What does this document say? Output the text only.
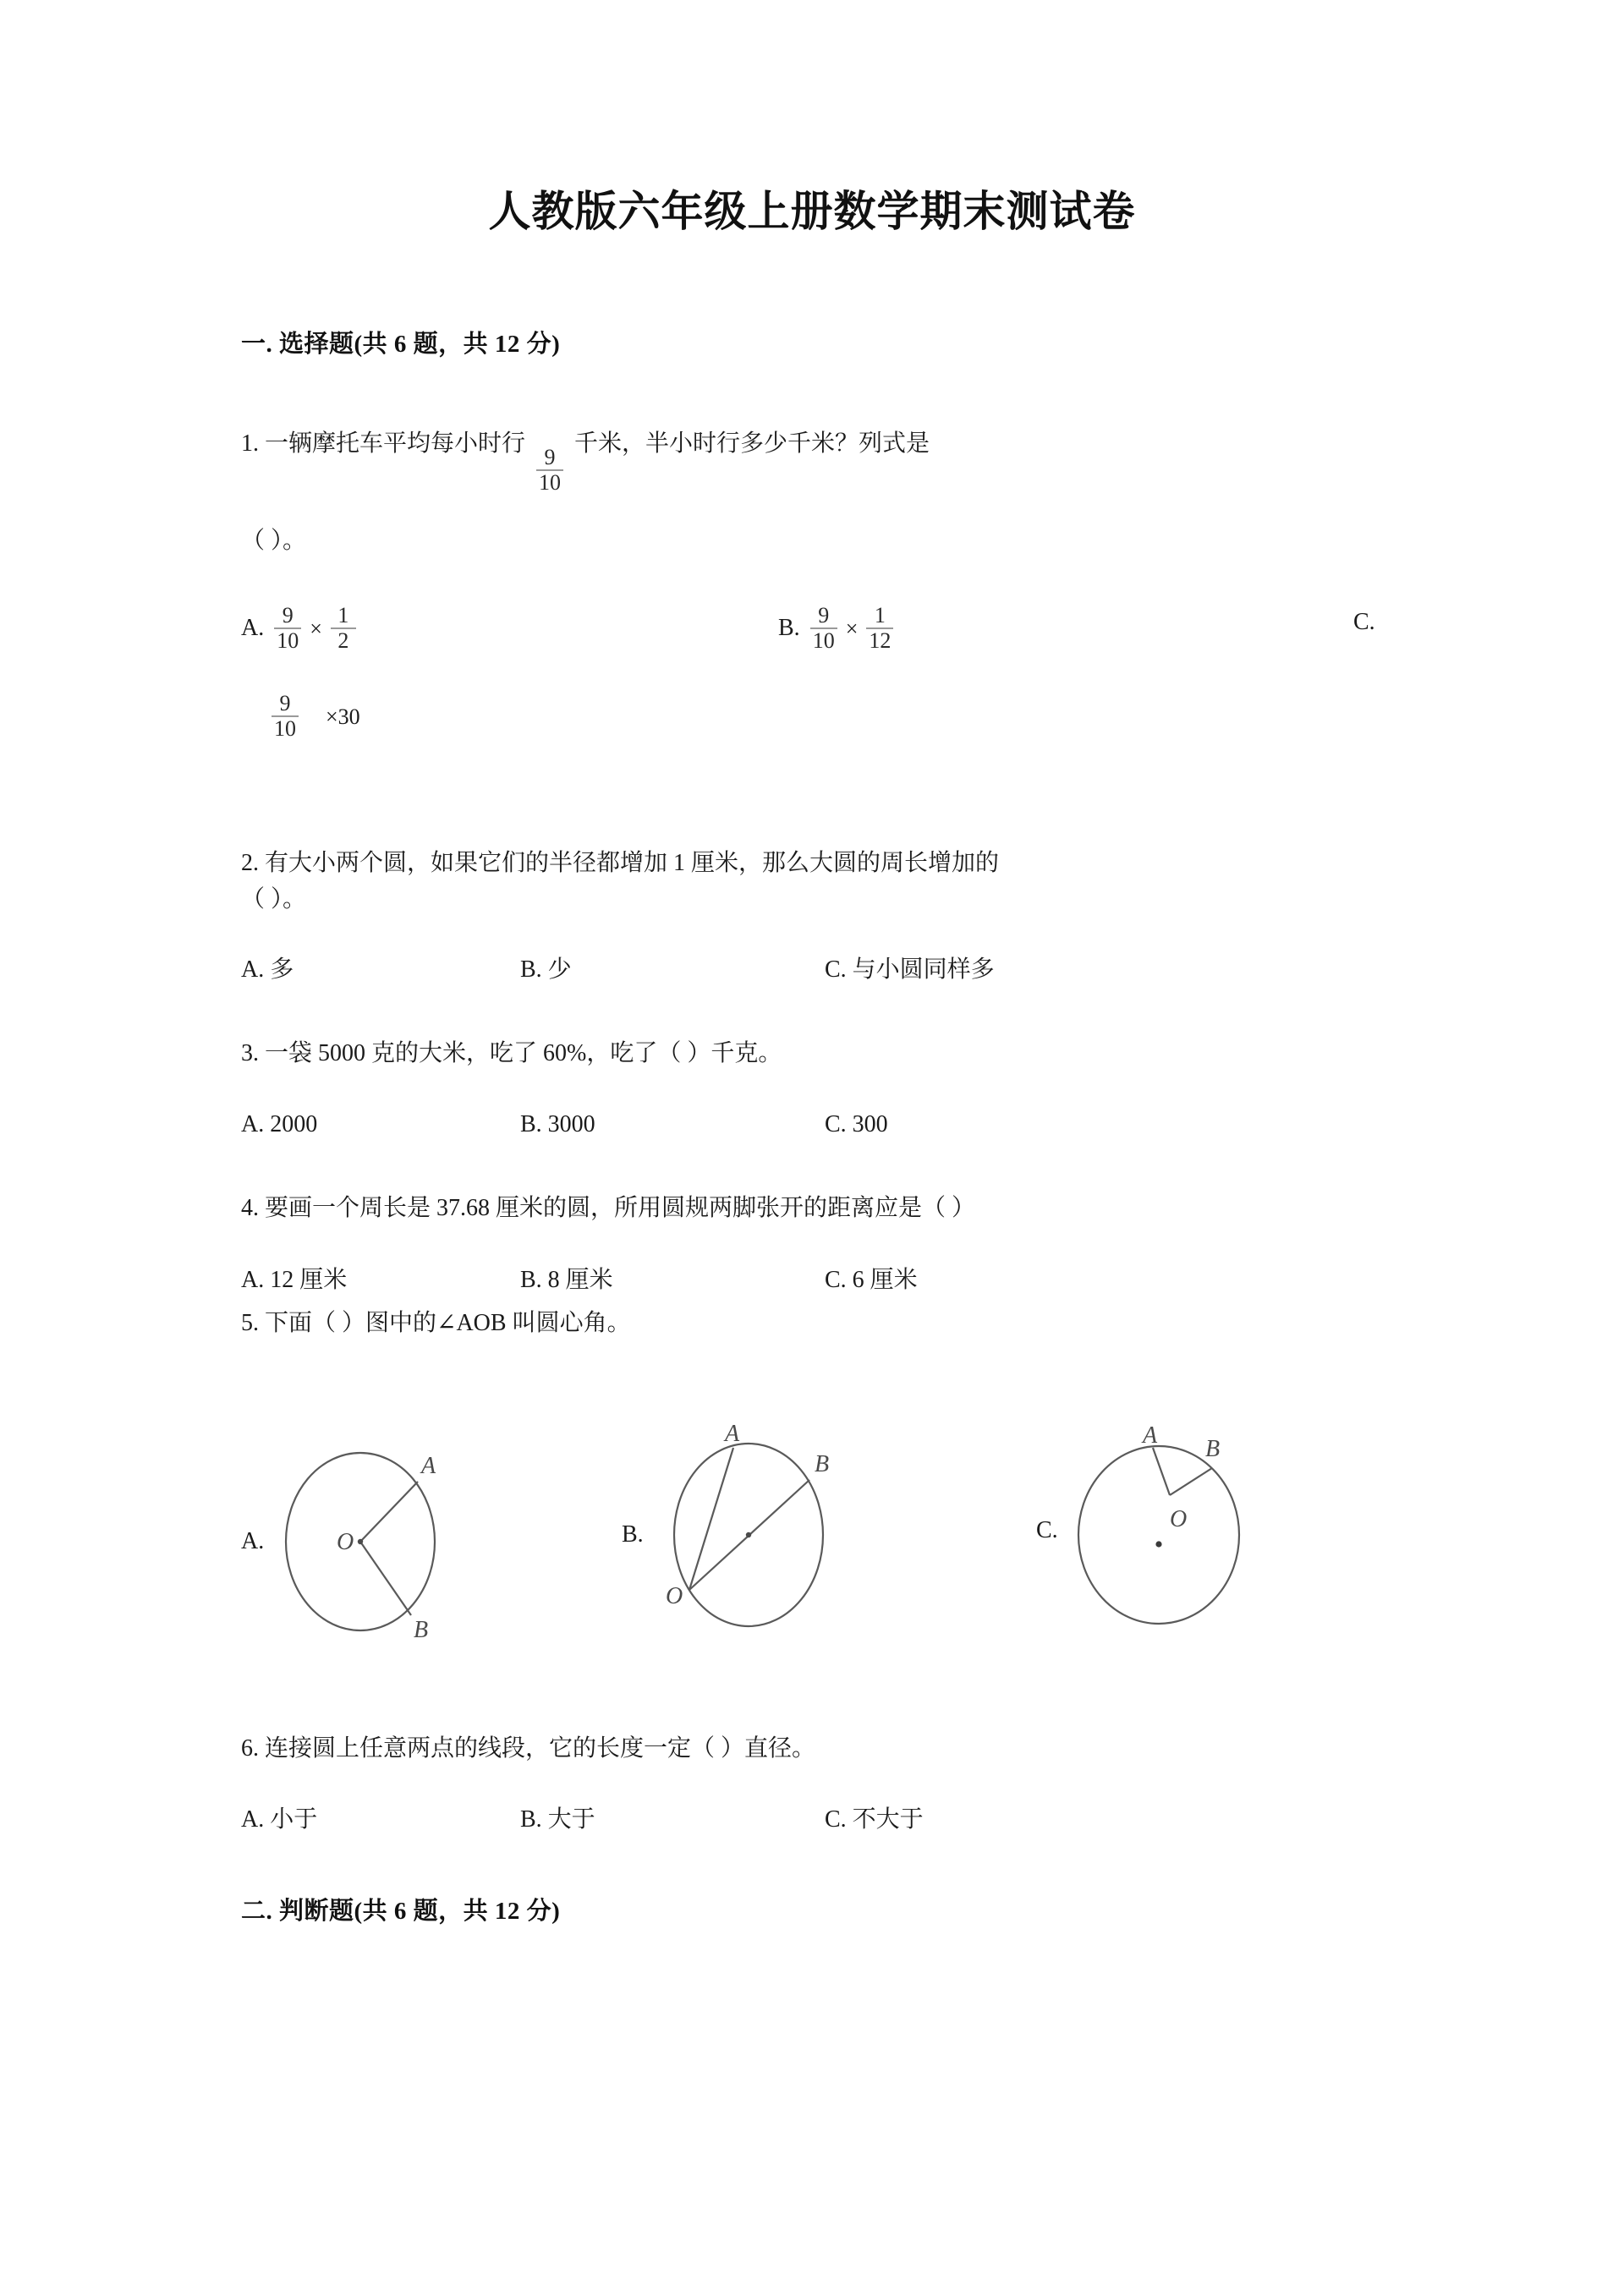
人教版六年级上册数学期末测试卷
一. 选择题(共 6 题，共 12 分)
1. 一辆摩托车平均每小时行
$\frac{9}{10}$
千米，半小时行多少千米？列式是
（ ）。
A. $\frac{9}{10} \times \frac{1}{2}$	B. $\frac{9}{10} \times \frac{1}{12}$	C.
$\frac{9}{10} \times 30$
2. 有大小两个圆，如果它们的半径都增加 1 厘米，那么大圆的周长增加的
（ ）。
A. 多	B. 少	C. 与小圆同样多
3. 一袋 5000 克的大米，吃了 60%，吃了（ ）千克。
A. 2000	B. 3000	C. 300
4. 要画一个周长是 37.68 厘米的圆，所用圆规两脚张开的距离应是（ ）
A. 12 厘米	B. 8 厘米	C. 6 厘米
5. 下面（ ）图中的∠AOB 叫圆心角。
A.	O
A
B
B.
O
A
B
C.	O
A
B
6. 连接圆上任意两点的线段，它的长度一定（ ）直径。
A. 小于	B. 大于	C. 不大于
二. 判断题(共 6 题，共 12 分)
